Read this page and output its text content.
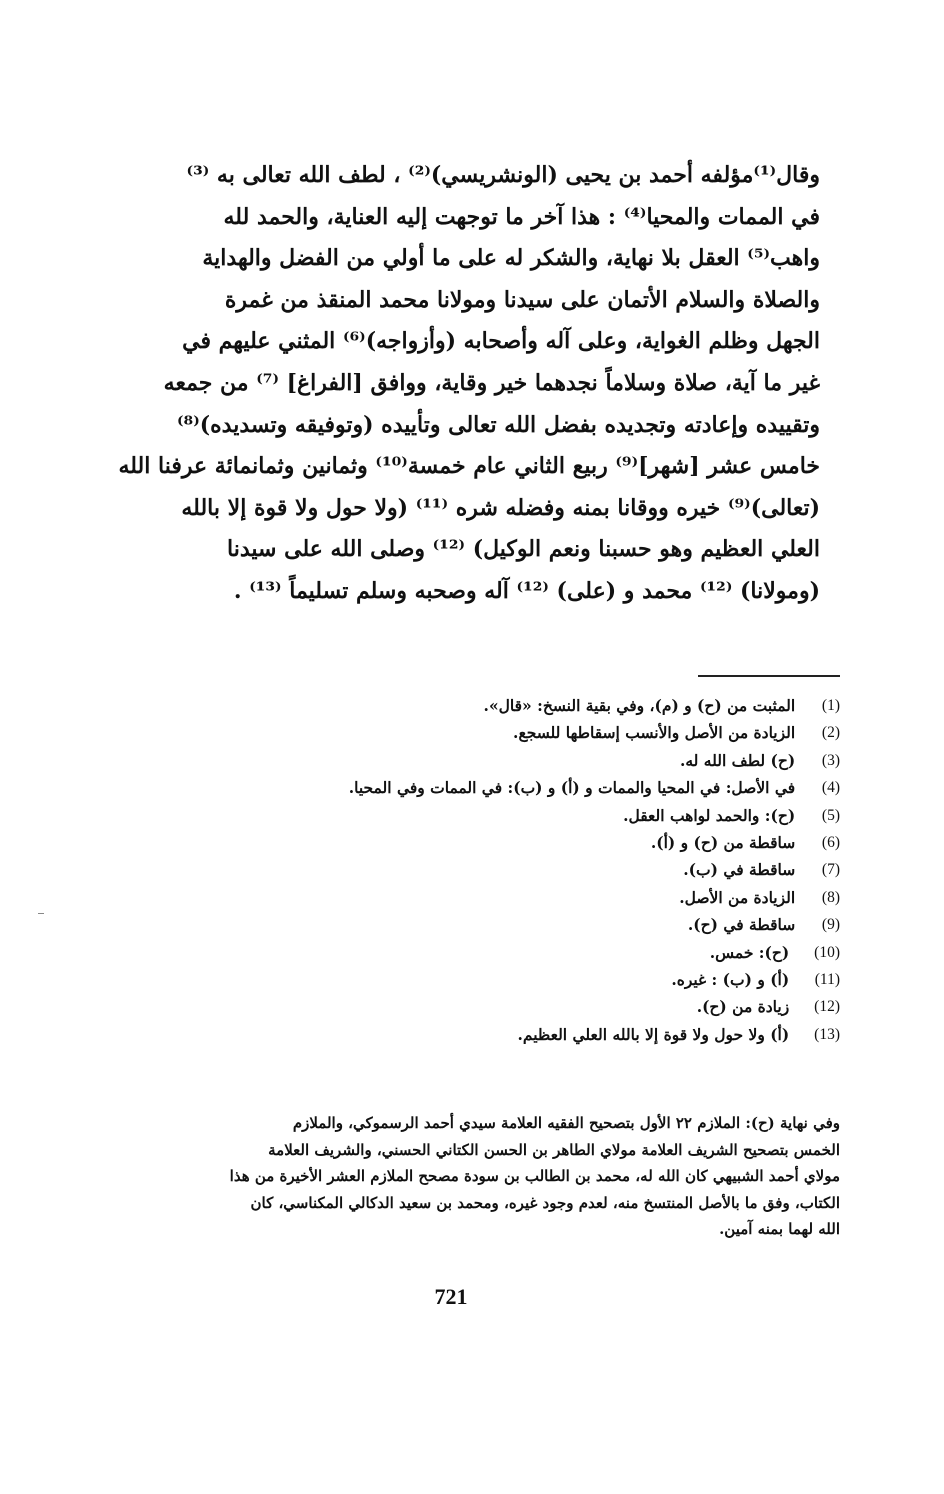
وقال⁽¹⁾مؤلفه أحمد بن يحيى (الونشريسي)⁽²⁾ ، لطف الله تعالى به ⁽³⁾
في الممات والمحيا⁽⁴⁾ : هذا آخر ما توجهت إليه العناية، والحمد لله
واهب⁽⁵⁾ العقل بلا نهاية، والشكر له على ما أولي من الفضل والهداية
والصلاة والسلام الأتمان على سيدنا ومولانا محمد المنقذ من غمرة
الجهل وظلم الغواية، وعلى آله وأصحابه (وأزواجه)⁽⁶⁾ المثني عليهم في
غير ما آية، صلاة وسلاماً نجدهما خير وقاية، ووافق [الفراغ] ⁽⁷⁾ من جمعه
وتقييده وإعادته وتجديده بفضل الله تعالى وتأييده (وتوفيقه وتسديده)⁽⁸⁾
خامس عشر [شهر]⁽⁹⁾ ربيع الثاني عام خمسة⁽¹⁰⁾ وثمانين وثمانمائة عرفنا الله
(تعالى)⁽⁹⁾ خيره ووقانا بمنه وفضله شره ⁽¹¹⁾ (ولا حول ولا قوة إلا بالله
العلي العظيم وهو حسبنا ونعم الوكيل) ⁽¹²⁾ وصلى الله على سيدنا
(ومولانا) ⁽¹²⁾ محمد و (على) ⁽¹²⁾ آله وصحبه وسلم تسليماً ⁽¹³⁾ .
(1)

المثبت من (ح) و (م)، وفي بقية النسخ: «قال».
(2)

الزيادة من الأصل والأنسب إسقاطها للسجع.
(3)

(ح) لطف الله له.
(4)

في الأصل: في المحيا والممات و (أ) و (ب): في الممات وفي المحيا.
(5)

(ح): والحمد لواهب العقل.
(6)

ساقطة من (ح) و (أ).
(7)

ساقطة في (ب).
(8)

الزيادة من الأصل.
(9)

ساقطة في (ح).
(10)

(ح): خمس.
(11)

(أ) و (ب) : غيره.
(12)

زيادة من (ح).
(13)

(أ) ولا حول ولا قوة إلا بالله العلي العظيم.
وفي نهاية (ح): الملازم ٢٢ الأول بتصحيح الفقيه العلامة سيدي أحمد الرسموكي، والملازم
الخمس بتصحيح الشريف العلامة مولاي الطاهر بن الحسن الكتاني الحسني، والشريف العلامة
مولاي أحمد الشبيهي كان الله له، محمد بن الطالب بن سودة مصحح الملازم العشر الأخيرة من هذا
الكتاب، وفق ما بالأصل المنتسخ منه، لعدم وجود غيره، ومحمد بن سعيد الدكالي المكناسي، كان
الله لهما بمنه آمين.
721
